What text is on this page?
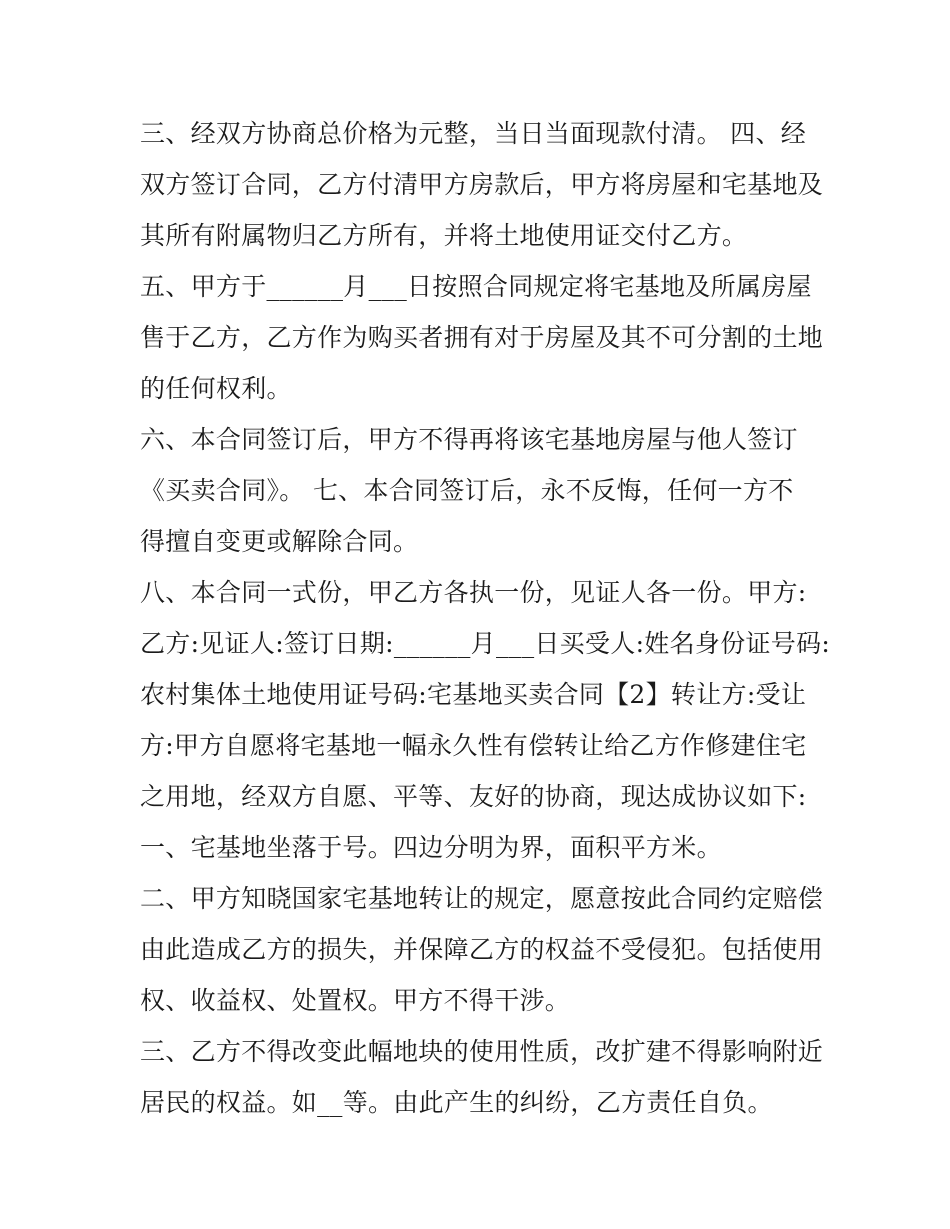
三、经双方协商总价格为元整，当日当面现款付清。 四、经
双方签订合同，乙方付清甲方房款后，甲方将房屋和宅基地及
其所有附属物归乙方所有，并将土地使用证交付乙方。
五、甲方于______月___日按照合同规定将宅基地及所属房屋
售于乙方，乙方作为购买者拥有对于房屋及其不可分割的土地
的任何权利。
六、本合同签订后，甲方不得再将该宅基地房屋与他人签订
《买卖合同》。 七、本合同签订后，永不反悔，任何一方不
得擅自变更或解除合同。
八、本合同一式份，甲乙方各执一份，见证人各一份。甲方:
乙方:见证人:签订日期:______月___日买受人:姓名身份证号码:
农村集体土地使用证号码:宅基地买卖合同【2】转让方:受让
方:甲方自愿将宅基地一幅永久性有偿转让给乙方作修建住宅
之用地，经双方自愿、平等、友好的协商，现达成协议如下:
一、宅基地坐落于号。四边分明为界，面积平方米。
二、甲方知晓国家宅基地转让的规定，愿意按此合同约定赔偿
由此造成乙方的损失，并保障乙方的权益不受侵犯。包括使用
权、收益权、处置权。甲方不得干涉。
三、乙方不得改变此幅地块的使用性质，改扩建不得影响附近
居民的权益。如__等。由此产生的纠纷，乙方责任自负。
